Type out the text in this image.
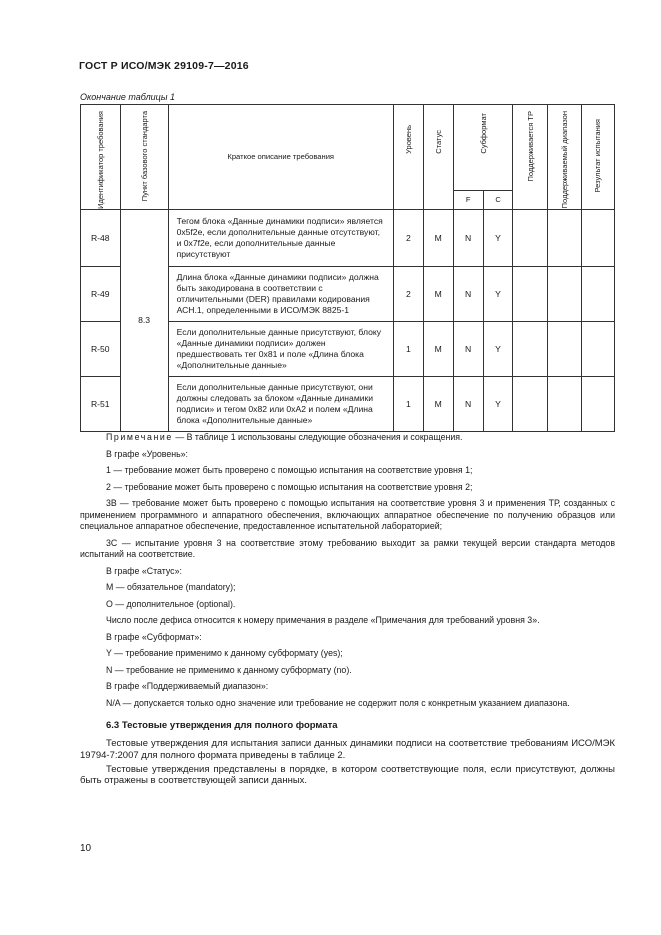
ГОСТ Р ИСО/МЭК 29109-7—2016
Окончание таблицы 1
Идентификатор требования	Пункт базового стандарта	Краткое описание требования	Уровень	Статус	Субформат		Поддерживается ТР	Поддерживаемый диапазон	Результат испытания

					F	C			
R-48	8.3	Тегом блока «Данные динамики подписи» является 0x5f2e, если дополнительные данные отсутствуют, и 0x7f2e, если дополнительные данные присутствуют	2	M	N	Y			
R-49		Длина блока «Данные динамики подписи» должна быть закодирована в соответствии с отличительными (DER) правилами кодирования АСН.1, определенными в ИСО/МЭК 8825-1	2	M	N	Y			
R-50		Если дополнительные данные присутствуют, блоку «Данные динамики подписи» должен предшествовать тег 0x81 и поле «Длина блока «Дополнительные данные»	1	M	N	Y			
R-51		Если дополнительные данные присутствуют, они должны следовать за блоком «Данные динамики подписи» и тегом 0x82 или 0xA2 и полем «Длина блока «Дополнительные данные»	1	M	N	Y			

Примечание — В таблице 1 использованы следующие обозначения и сокращения.

В графе «Уровень»:

1 — требование может быть проверено с помощью испытания на соответствие уровня 1;

2 — требование может быть проверено с помощью испытания на соответствие уровня 2;

3В — требование может быть проверено с помощью испытания на соответствие уровня 3 и применения ТР, созданных с применением программного и аппаратного обеспечения, включающих аппаратное обеспечение по получению образцов или специальное аппаратное обеспечение, предоставленное испытательной лабораторией;

3С — испытание уровня 3 на соответствие этому требованию выходит за рамки текущей версии стандарта методов испытаний на соответствие.

В графе «Статус»:

М — обязательное (mandatory);

О — дополнительное (optional).

Число после дефиса относится к номеру примечания в разделе «Примечания для требований уровня 3».

В графе «Субформат»:

Y — требование применимо к данному субформату (yes);

N — требование не применимо к данному субформату (no).

В графе «Поддерживаемый диапазон»:

N/A — допускается только одно значение или требование не содержит поля с конкретным указанием диапазона.

6.3 Тестовые утверждения для полного формата

Тестовые утверждения для испытания записи данных динамики подписи на соответствие требованиям ИСО/МЭК 19794-7:2007 для полного формата приведены в таблице 2.

Тестовые утверждения представлены в порядке, в котором соответствующие поля, если присутствуют, должны быть отражены в соответствующей записи данных.

10
